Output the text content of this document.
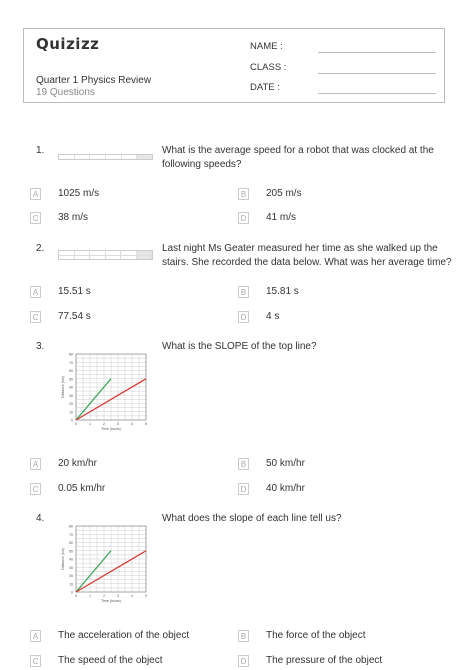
Quizizz
Quarter 1 Physics Review
19 Questions
NAME :
CLASS :
DATE :
1.	What is the average speed for a robot that was clocked at the following speeds?
A 1025 m/s	B 205 m/s
C 38 m/s	D 41 m/s
2.	Last night Ms Geater measured her time as she walked up the stairs. She recorded the data below. What was her average time?
A 15.51 s	B 15.81 s
C 77.54 s	D 4 s
3.
0
10
20
30
40
50
60
70
80
0	1	2	3	4	5
Time (hours)
Distance (km)
What is the SLOPE of the top line?
A 20 km/hr	B 50 km/hr
C 0.05 km/hr	D 40 km/hr
4.
0
10
20
30
40
50
60
70
80
0	1	2	3	4	5
Time (hours)
Distance (km)
What does the slope of each line tell us?
A The acceleration of the object	B The force of the object
C The speed of the object	D The pressure of the object
